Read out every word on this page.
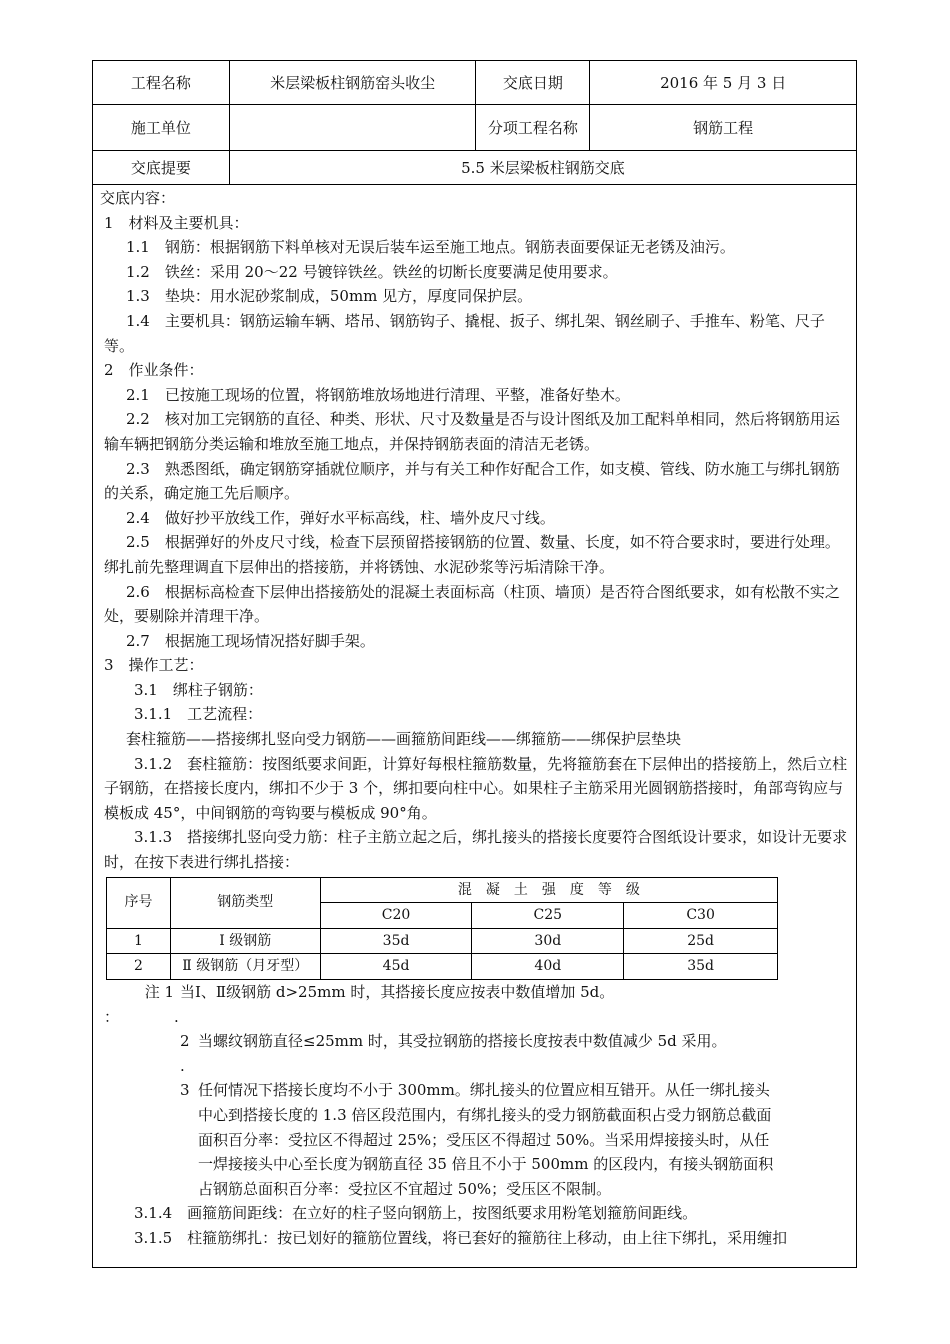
工程名称	米层梁板柱钢筋窑头收尘	交底日期	2016 年 5 月 3 日
施工单位		分项工程名称	钢筋工程
交底提要	5.5 米层梁板柱钢筋交底		

交底内容：

1　材料及主要机具：

1.1　钢筋：根据钢筋下料单核对无误后装车运至施工地点。钢筋表面要保证无老锈及油污。

1.2　铁丝：采用 20～22 号镀锌铁丝。铁丝的切断长度要满足使用要求。

1.3　垫块：用水泥砂浆制成，50mm 见方，厚度同保护层。

1.4　主要机具：钢筋运输车辆、塔吊、钢筋钩子、撬棍、扳子、绑扎架、钢丝刷子、手推车、粉笔、尺子等。

2　作业条件：

2.1　已按施工现场的位置，将钢筋堆放场地进行清理、平整，准备好垫木。

2.2　核对加工完钢筋的直径、种类、形状、尺寸及数量是否与设计图纸及加工配料单相同，然后将钢筋用运输车辆把钢筋分类运输和堆放至施工地点，并保持钢筋表面的清洁无老锈。

2.3　熟悉图纸，确定钢筋穿插就位顺序，并与有关工种作好配合工作，如支模、管线、防水施工与绑扎钢筋的关系，确定施工先后顺序。

2.4　做好抄平放线工作，弹好水平标高线，柱、墙外皮尺寸线。

2.5　根据弹好的外皮尺寸线，检查下层预留搭接钢筋的位置、数量、长度，如不符合要求时，要进行处理。绑扎前先整理调直下层伸出的搭接筋，并将锈蚀、水泥砂浆等污垢清除干净。

2.6　根据标高检查下层伸出搭接筋处的混凝土表面标高（柱顶、墙顶）是否符合图纸要求，如有松散不实之处，要剔除并清理干净。

2.7　根据施工现场情况搭好脚手架。

3　操作工艺：

3.1　绑柱子钢筋：

3.1.1　工艺流程：

套柱箍筋——搭接绑扎竖向受力钢筋——画箍筋间距线——绑箍筋——绑保护层垫块

3.1.2　套柱箍筋：按图纸要求间距，计算好每根柱箍筋数量，先将箍筋套在下层伸出的搭接筋上，然后立柱子钢筋，在搭接长度内，绑扣不少于 3 个，绑扣要向柱中心。如果柱子主筋采用光圆钢筋搭接时，角部弯钩应与模板成 45°，中间钢筋的弯钩要与模板成 90°角。

3.1.3　搭接绑扎竖向受力筋：柱子主筋立起之后，绑扎接头的搭接长度要符合图纸设计要求，如设计无要求时，在按下表进行绑扎搭接：

序号	钢筋类型	混　凝　土　强　度　等　级		
		C20	C25	C30
1	Ⅰ 级钢筋	35d	30d	25d
2	Ⅱ 级钢筋（月牙型）	45d	40d	35d
注 1 当Ⅰ、Ⅱ级钢筋 d>25mm 时，其搭接长度应按表中数值增加 5d。
：	.
2 当螺纹钢筋直径≤25mm 时，其受拉钢筋的搭接长度按表中数值减少 5d 采用。
.
3 任何情况下搭接长度均不小于 300mm。绑扎接头的位置应相互错开。从任一绑扎接头中心到搭接长度的 1.3 倍区段范围内，有绑扎接头的受力钢筋截面积占受力钢筋总截面面积百分率：受拉区不得超过 25%；受压区不得超过 50%。当采用焊接接头时，从任一焊接接头中心至长度为钢筋直径 35 倍且不小于 500mm 的区段内，有接头钢筋面积占钢筋总面积百分率：受拉区不宜超过 50%；受压区不限制。

3.1.4　画箍筋间距线：在立好的柱子竖向钢筋上，按图纸要求用粉笔划箍筋间距线。

3.1.5　柱箍筋绑扎：按已划好的箍筋位置线，将已套好的箍筋往上移动，由上往下绑扎，采用缠扣
